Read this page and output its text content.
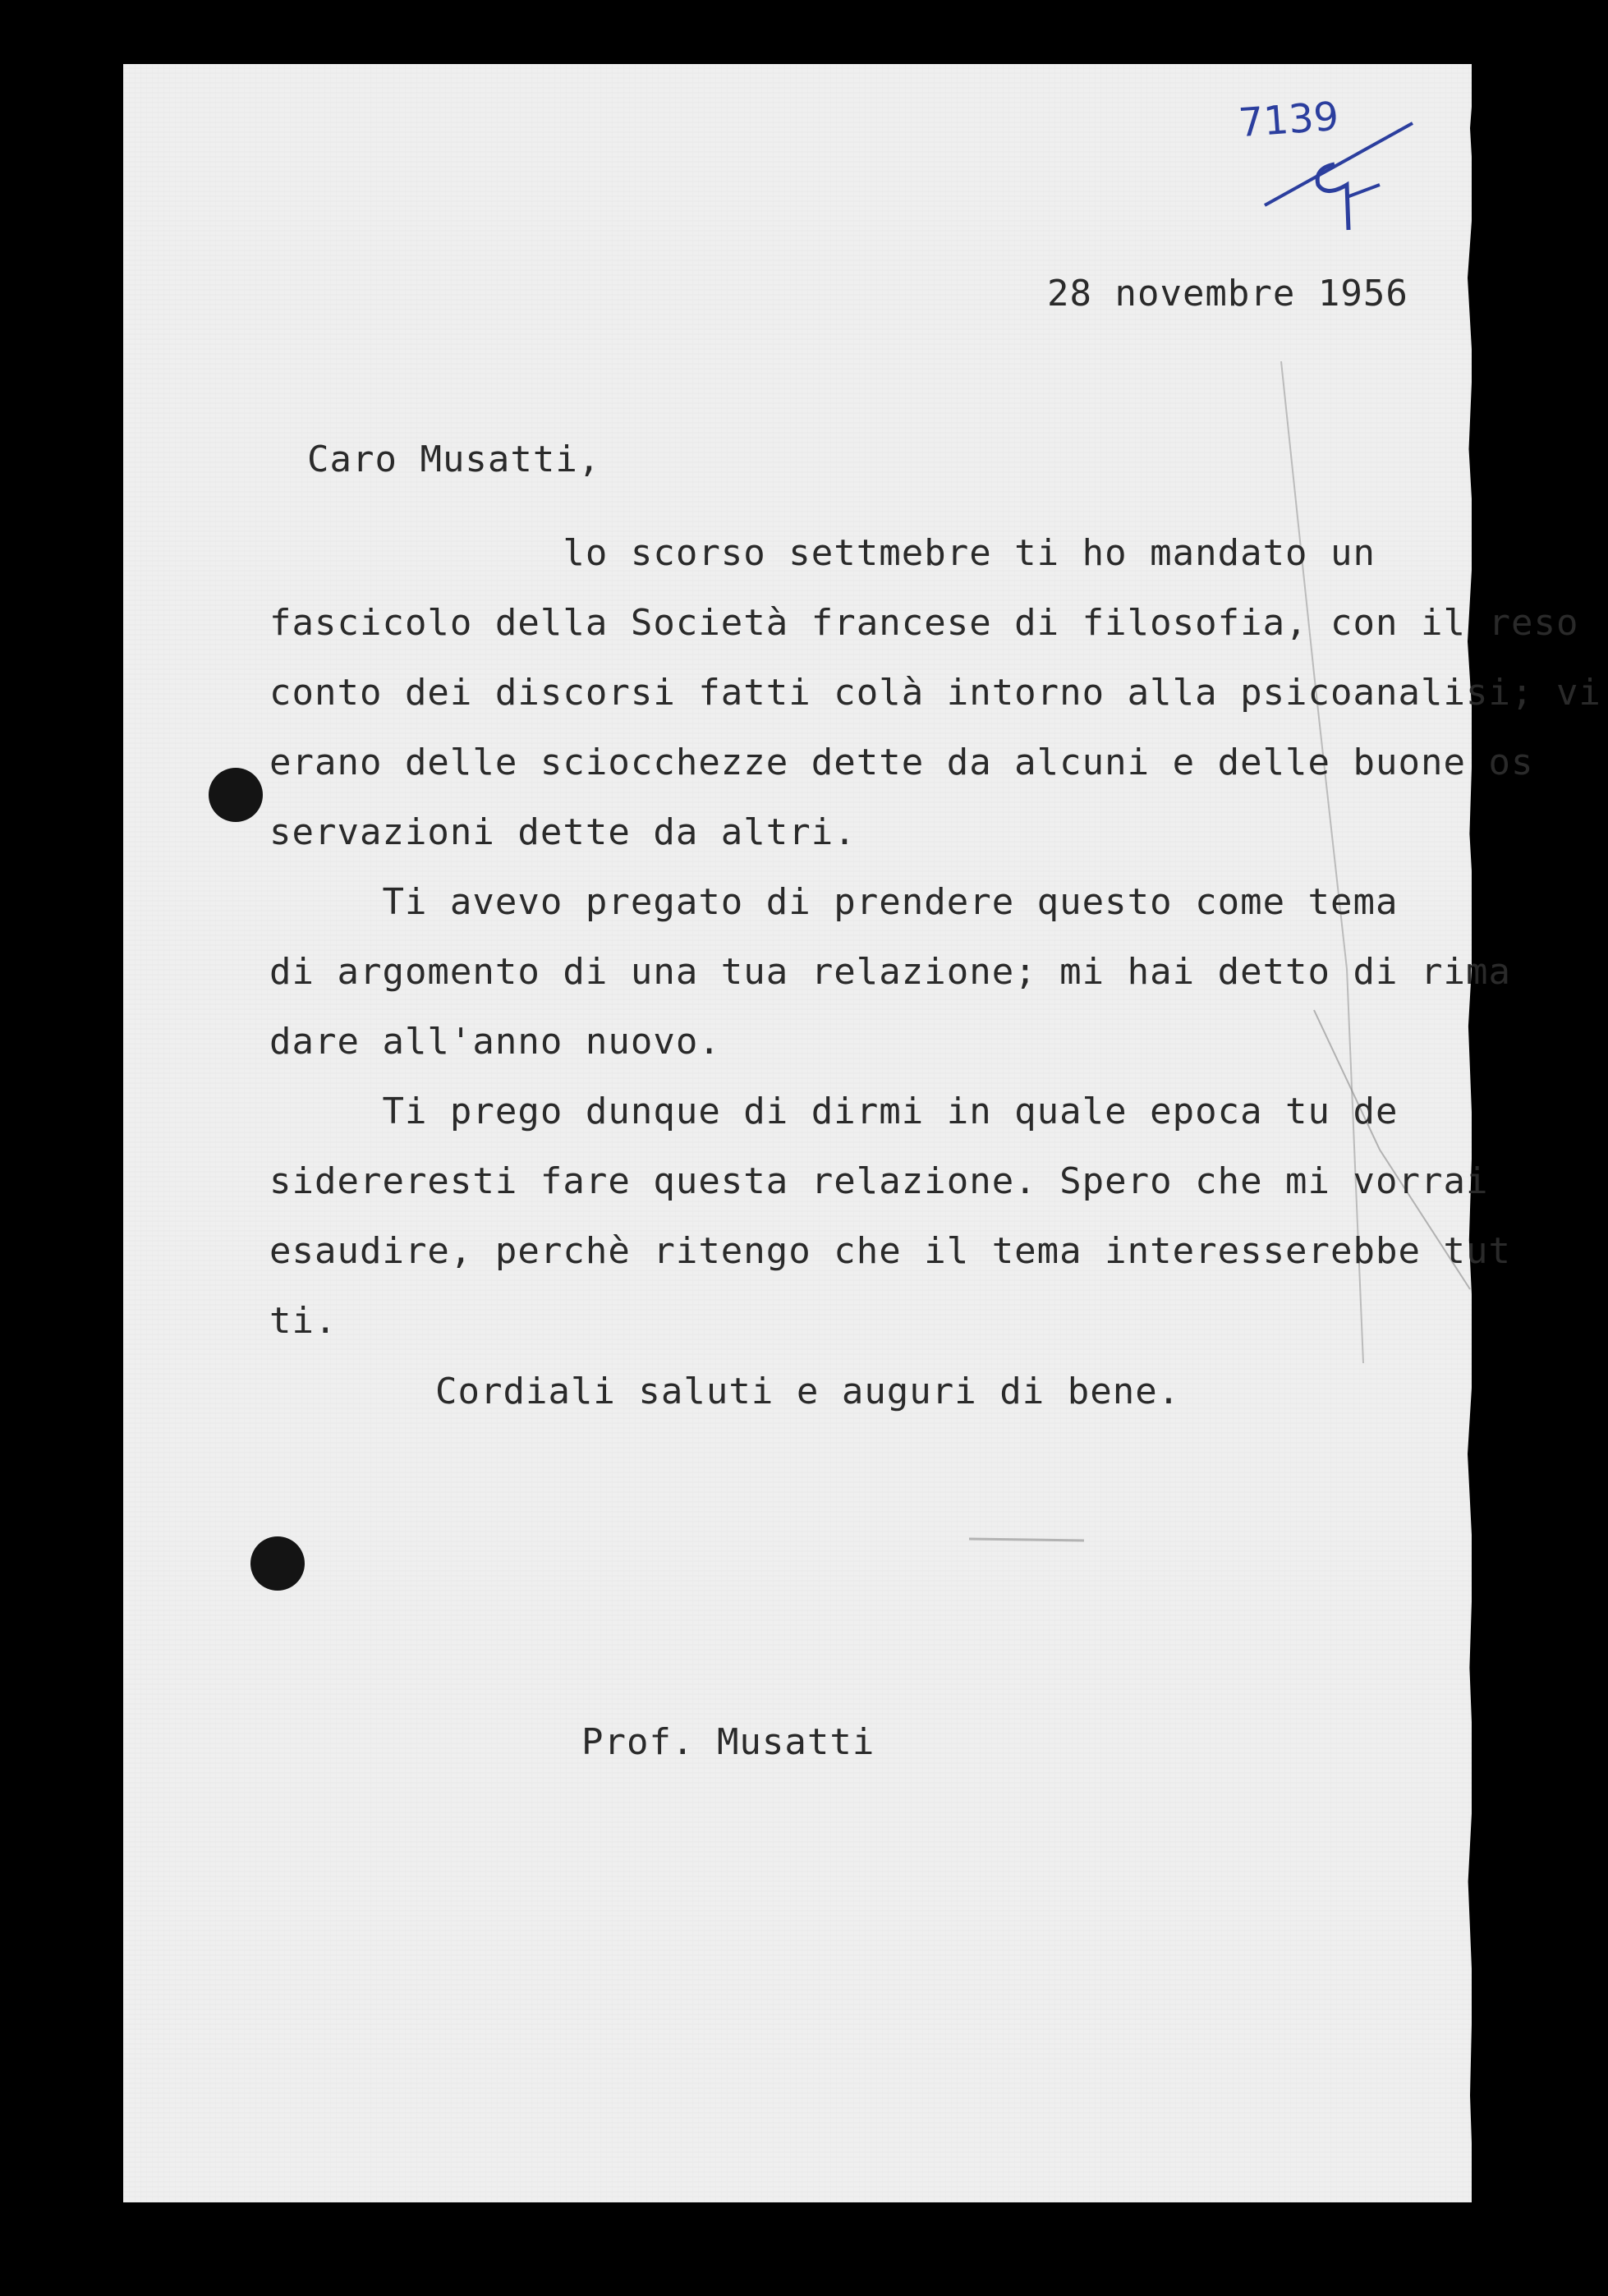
7139
28 novembre 1956
Caro Musatti,
lo scorso settmebre ti ho mandato un
fascicolo della Società francese di filosofia, con il reso
conto dei discorsi fatti colà intorno alla psicoanalisi; vi
erano delle sciocchezze dette da alcuni e delle buone os
servazioni dette da altri.
Ti avevo pregato di prendere questo come tema
di argomento di una tua relazione; mi hai detto di rima
dare all'anno nuovo.
Ti prego dunque di dirmi in quale epoca tu de
sidereresti fare questa relazione. Spero che mi vorrai
esaudire, perchè ritengo che il tema interesserebbe tut
ti.
Cordiali saluti e auguri di bene.
Prof. Musatti
